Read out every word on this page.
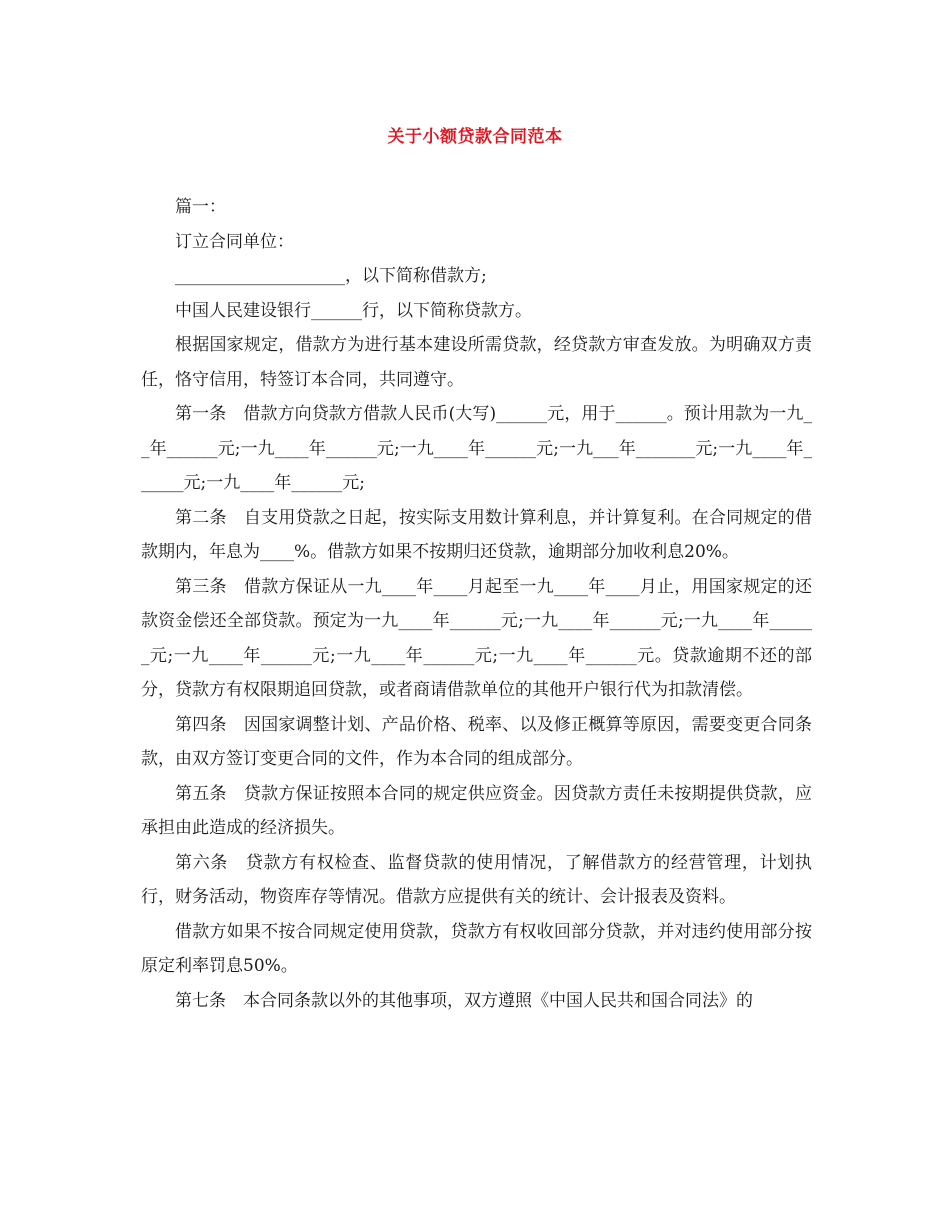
关于小额贷款合同范本

篇一：

订立合同单位：

____________________，以下简称借款方;

中国人民建设银行______行，以下简称贷款方。

根据国家规定，借款方为进行基本建设所需贷款，经贷款方审查发放。为明确双方责任，恪守信用，特签订本合同，共同遵守。

第一条　借款方向贷款方借款人民币(大写)______元，用于______。预计用款为一九__年______元;一九____年______元;一九____年______元;一九___年_______元;一九____年______元;一九____年______元;

第二条　自支用贷款之日起，按实际支用数计算利息，并计算复利。在合同规定的借款期内，年息为____%。借款方如果不按期归还贷款，逾期部分加收利息20%。

第三条　借款方保证从一九____年____月起至一九____年____月止，用国家规定的还款资金偿还全部贷款。预定为一九____年______元;一九____年______元;一九____年______元;一九____年______元;一九____年______元;一九____年______元。贷款逾期不还的部分，贷款方有权限期追回贷款，或者商请借款单位的其他开户银行代为扣款清偿。

第四条　因国家调整计划、产品价格、税率、以及修正概算等原因，需要变更合同条款，由双方签订变更合同的文件，作为本合同的组成部分。

第五条　贷款方保证按照本合同的规定供应资金。因贷款方责任未按期提供贷款，应承担由此造成的经济损失。

第六条　贷款方有权检查、监督贷款的使用情况，了解借款方的经营管理，计划执行，财务活动，物资库存等情况。借款方应提供有关的统计、会计报表及资料。

借款方如果不按合同规定使用贷款，贷款方有权收回部分贷款，并对违约使用部分按原定利率罚息50%。

第七条　本合同条款以外的其他事项，双方遵照《中国人民共和国合同法》的
